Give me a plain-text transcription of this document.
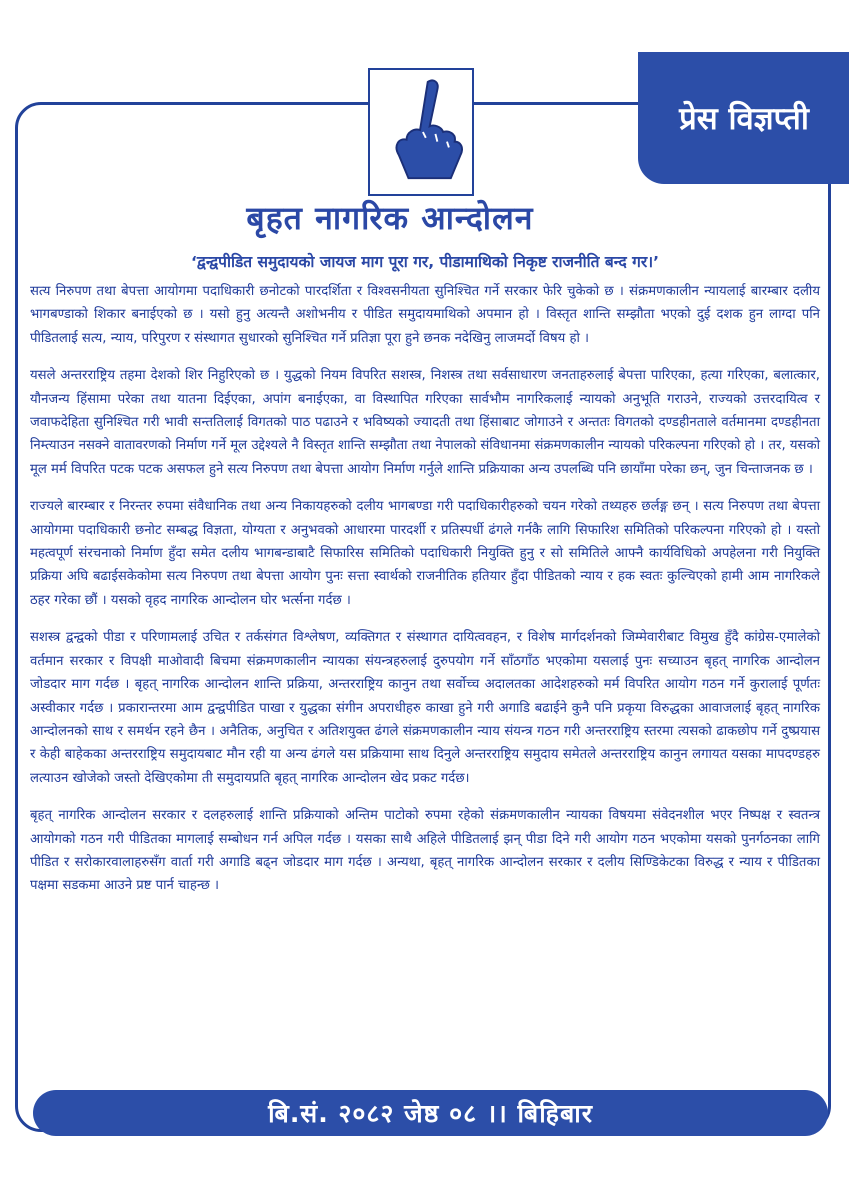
प्रेस विज्ञप्ती
बृहत नागरिक आन्दोलन
‘द्वन्द्वपीडित समुदायको जायज माग पूरा गर, पीडामाथिको निकृष्ट राजनीति बन्द गर।’

सत्य निरुपण तथा बेपत्ता आयोगमा पदाधिकारी छनोटको पारदर्शिता र विश्वसनीयता सुनिश्चित गर्ने सरकार फेरि चुकेको छ । संक्रमणकालीन न्यायलाई बारम्बार दलीय भागबण्डाको शिकार बनाईएको छ । यसो हुनु अत्यन्तै अशोभनीय र पीडित समुदायमाथिको अपमान हो । विस्तृत शान्ति सम्झौता भएको दुई दशक हुन लाग्दा पनि पीडितलाई सत्य, न्याय, परिपुरण र संस्थागत सुधारको सुनिश्चित गर्ने प्रतिज्ञा पूरा हुने छनक नदेखिनु लाजमर्दो विषय हो ।

यसले अन्तरराष्ट्रिय तहमा देशको शिर निहुरिएको छ । युद्धको नियम विपरित सशस्त्र, निशस्त्र तथा सर्वसाधारण जनताहरुलाई बेपत्ता पारिएका, हत्या गरिएका, बलात्कार, यौनजन्य हिंसामा परेका तथा यातना दिईएका, अपांग बनाईएका, वा विस्थापित गरिएका सार्वभौम नागरिकलाई न्यायको अनुभूति गराउने, राज्यको उत्तरदायित्व र जवाफदेहिता सुनिश्चित गरी भावी सन्ततिलाई विगतको पाठ पढाउने र भविष्यको ज्यादती तथा हिंसाबाट जोगाउने र अन्ततः विगतको दण्डहीनताले वर्तमानमा दण्डहीनता निम्त्याउन नसक्ने वातावरणको निर्माण गर्ने मूल उद्देश्यले नै विस्तृत शान्ति सम्झौता तथा नेपालको संविधानमा संक्रमणकालीन न्यायको परिकल्पना गरिएको हो । तर, यसको मूल मर्म विपरित पटक पटक असफल हुने सत्य निरुपण तथा बेपत्ता आयोग निर्माण गर्नुले शान्ति प्रक्रियाका अन्य उपलब्धि पनि छायाँमा परेका छन्, जुन चिन्ताजनक छ ।

राज्यले बारम्बार र निरन्तर रुपमा संवैधानिक तथा अन्य निकायहरुको दलीय भागबण्डा गरी पदाधिकारीहरुको चयन गरेको तथ्यहरु छर्लङ्ग छन् । सत्य निरुपण तथा बेपत्ता आयोगमा पदाधिकारी छनोट सम्बद्ध विज्ञता, योग्यता र अनुभवको आधारमा पारदर्शी र प्रतिस्पर्धी ढंगले गर्नकै लागि सिफारिश समितिको परिकल्पना गरिएको हो । यस्तो महत्वपूर्ण संरचनाको निर्माण हुँदा समेत दलीय भागबन्डाबाटै सिफारिस समितिको पदाधिकारी नियुक्ति हुनु र सो समितिले आफ्नै कार्यविधिको अपहेलना गरी नियुक्ति प्रक्रिया अघि बढाईसकेकोमा सत्य निरुपण तथा बेपत्ता आयोग पुनः सत्ता स्वार्थको राजनीतिक हतियार हुँदा पीडितको न्याय र हक स्वतः कुल्चिएको हामी आम नागरिकले ठहर गरेका छौं । यसको वृहद नागरिक आन्दोलन घोर भर्त्सना गर्दछ ।

सशस्त्र द्वन्द्वको पीडा र परिणामलाई उचित र तर्कसंगत विश्लेषण, व्यक्तिगत र संस्थागत दायित्ववहन, र विशेष मार्गदर्शनको जिम्मेवारीबाट विमुख हुँदै कांग्रेस-एमालेको वर्तमान सरकार र विपक्षी माओवादी बिचमा संक्रमणकालीन न्यायका संयन्त्रहरुलाई दुरुपयोग गर्ने साँठगाँठ भएकोमा यसलाई पुनः सच्याउन बृहत् नागरिक आन्दोलन जोडदार माग गर्दछ । बृहत् नागरिक आन्दोलन शान्ति प्रक्रिया, अन्तरराष्ट्रिय कानुन तथा सर्वोच्च अदालतका आदेशहरुको मर्म विपरित आयोग गठन गर्ने कुरालाई पूर्णतः अस्वीकार गर्दछ । प्रकारान्तरमा आम द्वन्द्वपीडित पाखा र युद्धका संगीन अपराधीहरु काखा हुने गरी अगाडि बढाईने कुनै पनि प्रकृया विरुद्धका आवाजलाई बृहत् नागरिक आन्दोलनको साथ र समर्थन रहने छैन । अनैतिक, अनुचित र अतिशयुक्त ढंगले संक्रमणकालीन न्याय संयन्त्र गठन गरी अन्तरराष्ट्रिय स्तरमा त्यसको ढाकछोप गर्ने दुष्प्रयास र केही बाहेकका अन्तरराष्ट्रिय समुदायबाट मौन रही या अन्य ढंगले यस प्रक्रियामा साथ दिनुले अन्तरराष्ट्रिय समुदाय समेतले अन्तरराष्ट्रिय कानुन लगायत यसका मापदण्डहरु लत्याउन खोजेको जस्तो देखिएकोमा ती समुदायप्रति बृहत् नागरिक आन्दोलन खेद प्रकट गर्दछ।

बृहत् नागरिक आन्दोलन सरकार र दलहरुलाई शान्ति प्रक्रियाको अन्तिम पाटोको रुपमा रहेको संक्रमणकालीन न्यायका विषयमा संवेदनशील भएर निष्पक्ष र स्वतन्त्र आयोगको गठन गरी पीडितका मागलाई सम्बोधन गर्न अपिल गर्दछ । यसका साथै अहिले पीडितलाई झन् पीडा दिने गरी आयोग गठन भएकोमा यसको पुनर्गठनका लागि पीडित र सरोकारवालाहरुसँग वार्ता गरी अगाडि बढ्न जोडदार माग गर्दछ । अन्यथा, बृहत् नागरिक आन्दोलन सरकार र दलीय सिण्डिकेटका विरुद्ध र न्याय र पीडितका पक्षमा सडकमा आउने प्रष्ट पार्न चाहन्छ ।

बि.सं. २०८२ जेष्ठ ०८ ।। बिहिबार
